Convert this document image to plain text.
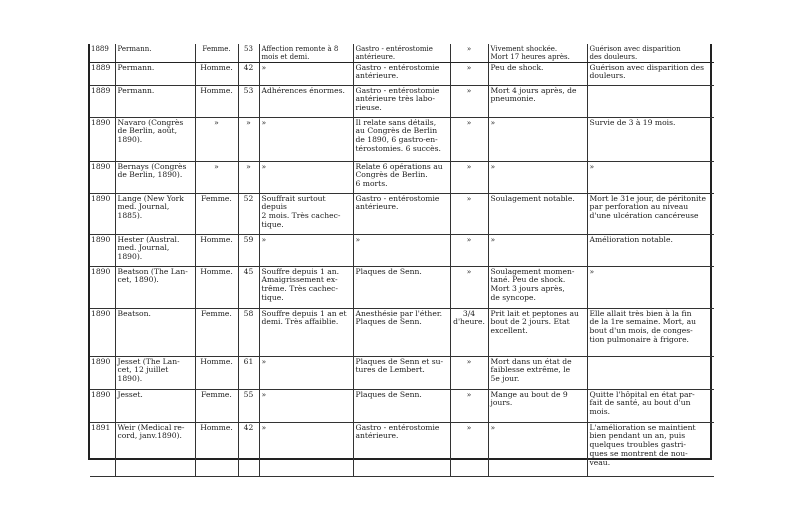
1889	Permann.	Femme.	53	Affection remonte à 8
mois et demi.	Gastro - entérostomie
antérieure.	»	Vivement shockée.
Mort 17 heures après.	Guérison avec disparition
des douleurs.
1889	Permann.	Homme.	42	»	Gastro - entérostomie
antérieure.	»	Peu de shock.	Guérison avec disparition des
douleurs.
1889	Permann.	Homme.	53	Adhérences énormes.	Gastro - entérostomie
antérieure très labo-
rieuse.	»	Mort 4 jours après, de
pneumonie.	
1890	Navaro (Congrès
de Berlin, août,
1890).	»	»	»	Il relate sans détails,
au Congrès de Berlin
de 1890, 6 gastro-en-
térostomies. 6 succès.	»	»	Survie de 3 à 19 mois.
1890	Bernays (Congrès
de Berlin, 1890).	»	»	»	Relate 6 opérations au
Congrès de Berlin.
6 morts.	»	»	»
1890	Lange (New York
med. Journal,
1885).	Femme.	52	Souffrait surtout depuis
2 mois. Très cachec-
tique.	Gastro - entérostomie
antérieure.	»	Soulagement notable.	Mort le 31e jour, de péritonite
par perforation au niveau
d'une ulcération cancéreuse
1890	Hester (Austral.
med. Journal,
1890).	Homme.	59	»	»	»	»	Amélioration notable.
1890	Beatson (The Lan-
cet, 1890).	Homme.	45	Souffre depuis 1 an.
Amaigrissement ex-
trême. Très cachec-
tique.	Plaques de Senn.	»	Soulagement momen-
tané. Peu de shock.
Mort 3 jours après,
de syncope.	»
1890	Beatson.	Femme.	58	Souffre depuis 1 an et
demi. Très affaiblie.	Anesthésie par l'éther.
Plaques de Senn.	3/4
d'heure.	Prit lait et peptones au
bout de 2 jours. Etat
excellent.	Elle allait très bien à la fin
de la 1re semaine. Mort, au
bout d'un mois, de conges-
tion pulmonaire à frigore.
1890	Jesset (The Lan-
cet, 12 juillet
1890).	Homme.	61	»	Plaques de Senn et su-
tures de Lembert.	»	Mort dans un état de
faiblesse extrême, le
5e jour.	
1890	Jesset.	Femme.	55	»	Plaques de Senn.	»	Mange au bout de 9
jours.	Quitte l'hôpital en état par-
fait de santé, au bout d'un
mois.
1891	Weir (Medical re-
cord, janv.1890).	Homme.	42	»	Gastro - entérostomie
antérieure.	»	»	L'amélioration se maintient
bien pendant un an, puis
quelques troubles gastri-
ques se montrent de nou-
veau.
